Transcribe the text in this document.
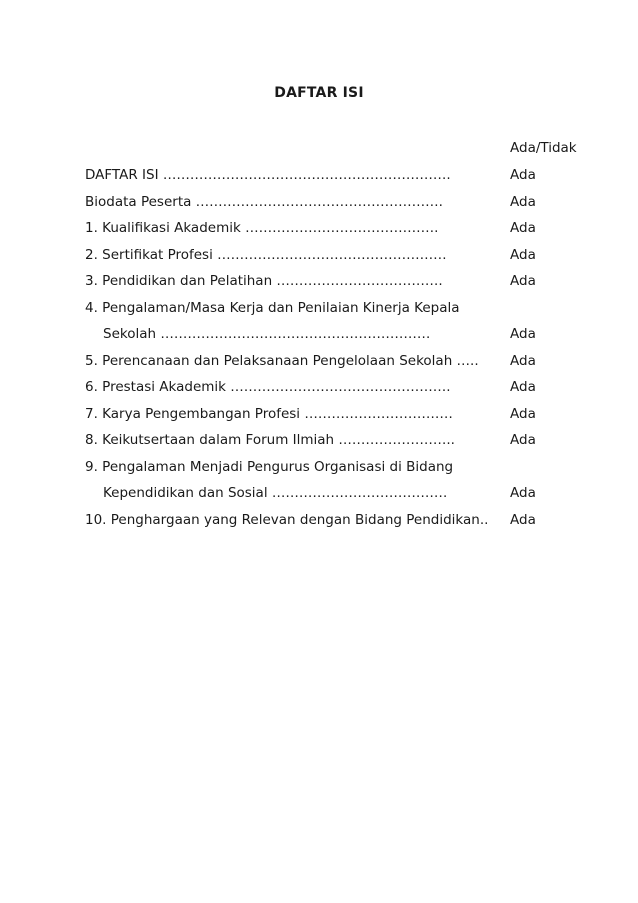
DAFTAR ISI
Ada/Tidak
DAFTAR ISI ……………………………………………………….	Ada
Biodata Peserta ……………………………………………….	Ada
1. Kualifikasi Akademik …………………………………….	Ada
2. Sertifikat Profesi ……………………………………………	Ada
3. Pendidikan dan Pelatihan ……………………………….	Ada
4. Pengalaman/Masa Kerja dan Penilaian Kinerja Kepala
Sekolah ……………………………………………………	Ada
5. Perencanaan dan Pelaksanaan Pengelolaan Sekolah …..	Ada
6. Prestasi Akademik ………………………………………….	Ada
7. Karya Pengembangan Profesi ……………………………	Ada
8. Keikutsertaan dalam Forum Ilmiah ……………………..	Ada
9. Pengalaman Menjadi Pengurus Organisasi di Bidang
Kependidikan dan Sosial …………………………………	Ada
10. Penghargaan yang Relevan dengan Bidang Pendidikan..	Ada
